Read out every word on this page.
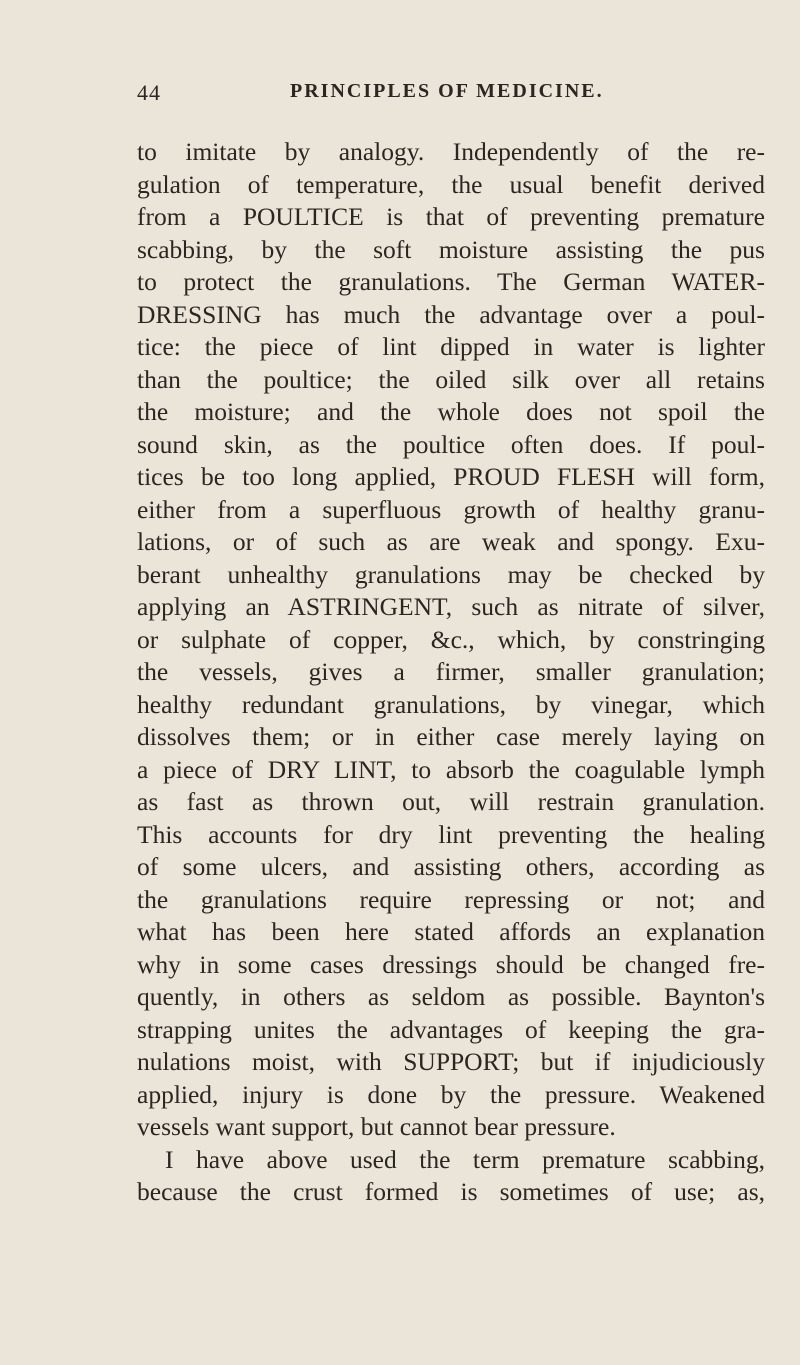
44	PRINCIPLES OF MEDICINE.
to imitate by analogy. Independently of the re-
gulation of temperature, the usual benefit derived
from a POULTICE is that of preventing premature
scabbing, by the soft moisture assisting the pus
to protect the granulations. The German WATER-
DRESSING has much the advantage over a poul-
tice: the piece of lint dipped in water is lighter
than the poultice; the oiled silk over all retains
the moisture; and the whole does not spoil the
sound skin, as the poultice often does. If poul-
tices be too long applied, PROUD FLESH will form,
either from a superfluous growth of healthy granu-
lations, or of such as are weak and spongy. Exu-
berant unhealthy granulations may be checked by
applying an ASTRINGENT, such as nitrate of silver,
or sulphate of copper, &c., which, by constringing
the vessels, gives a firmer, smaller granulation;
healthy redundant granulations, by vinegar, which
dissolves them; or in either case merely laying on
a piece of DRY LINT, to absorb the coagulable lymph
as fast as thrown out, will restrain granulation.
This accounts for dry lint preventing the healing
of some ulcers, and assisting others, according as
the granulations require repressing or not; and
what has been here stated affords an explanation
why in some cases dressings should be changed fre-
quently, in others as seldom as possible. Baynton's
strapping unites the advantages of keeping the gra-
nulations moist, with SUPPORT; but if injudiciously
applied, injury is done by the pressure. Weakened
vessels want support, but cannot bear pressure.
I have above used the term premature scabbing,
because the crust formed is sometimes of use; as,
